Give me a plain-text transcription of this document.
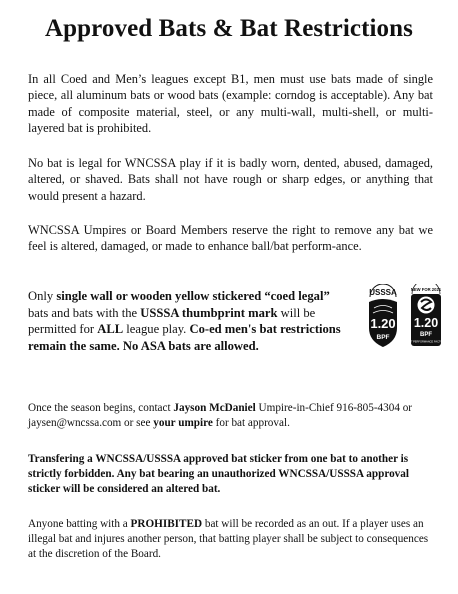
Approved Bats & Bat Restrictions

In all Coed and Men’s leagues except B1, men must use bats made of single piece, all aluminum bats or wood bats (example: corndog is acceptable). Any bat made of composite material, steel, or any multi-wall, multi-shell, or multi-layered bat is prohibited.

No bat is legal for WNCSSA play if it is badly worn, dented, abused, damaged, altered, or shaved. Bats shall not have rough or sharp edges, or anything that would present a hazard.

WNCSSA Umpires or Board Members reserve the right to remove any bat we feel is altered, damaged, or made to enhance ball/bat perform-ance.

Only single wall or wooden yellow stickered “coed legal” bats and bats with the USSSA thumbprint mark will be permitted for ALL league play. Co-ed men's bat restrictions remain the same. No ASA bats are allowed.

USSSA
1.20
BPF
NEW FOR 2021
1.20
BPF
BAT PERFORMANCE FACTOR

Once the season begins, contact Jayson McDaniel Umpire-in-Chief 916-805-4304 or jaysen@wncssa.com or see your umpire for bat approval.

Transfering a WNCSSA/USSSA approved bat sticker from one bat to another is strictly forbidden. Any bat bearing an unauthorized WNCSSA/USSSA approval sticker will be considered an altered bat.

Anyone batting with a PROHIBITED bat will be recorded as an out. If a player uses an illegal bat and injures another person, that batting player shall be subject to consequences at the discretion of the Board.
